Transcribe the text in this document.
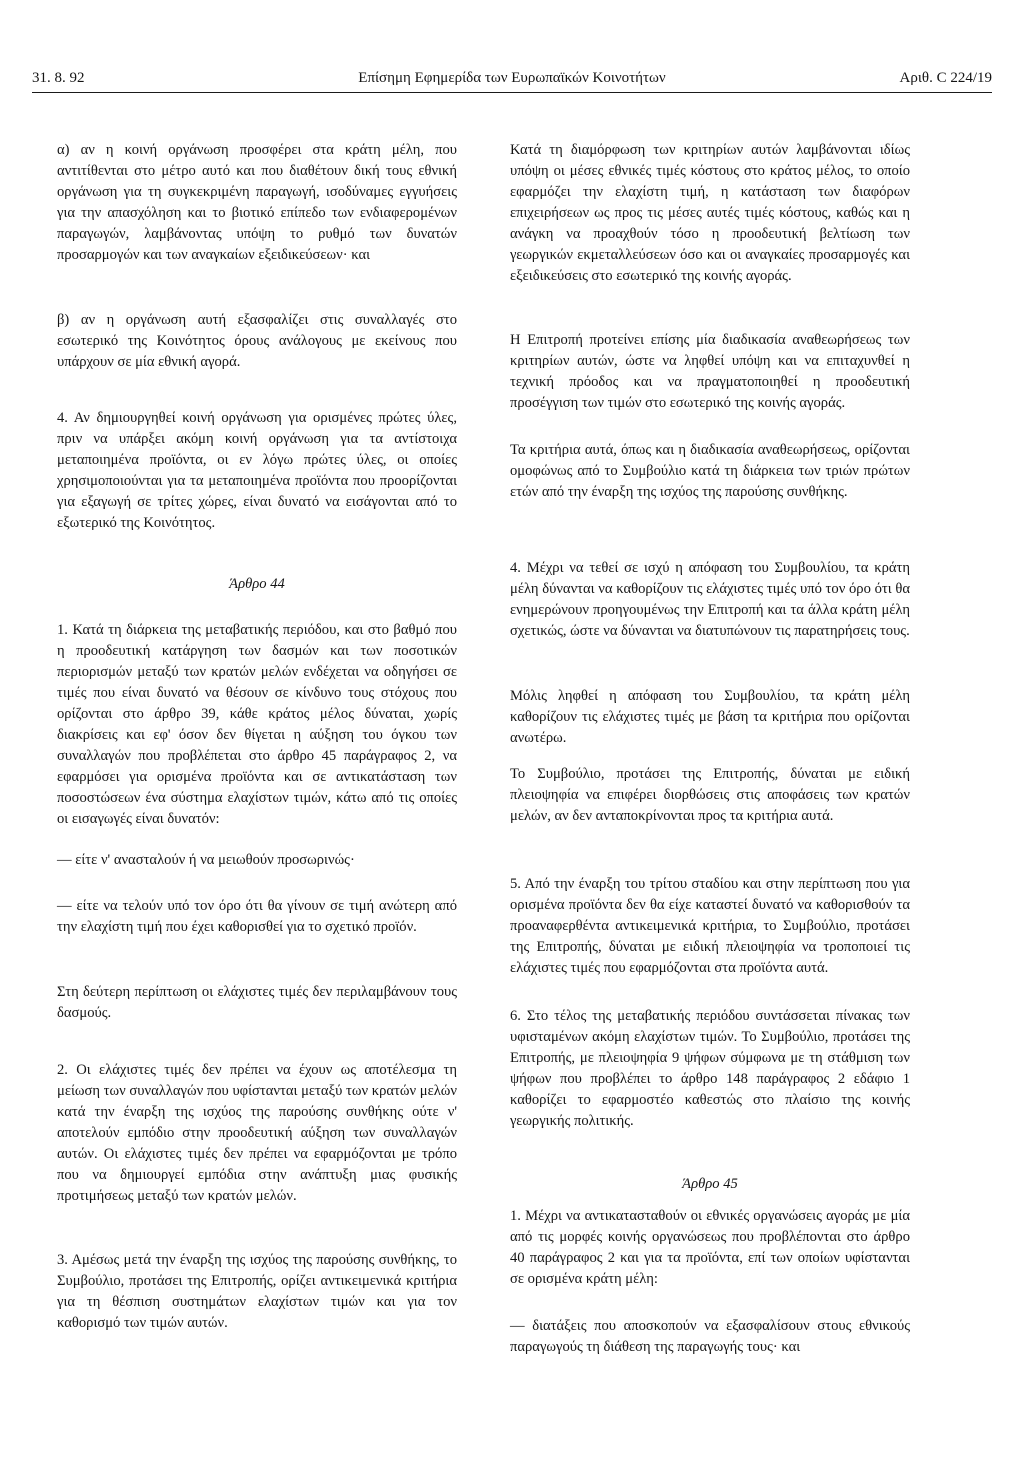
31. 8. 92	Επίσημη Εφημερίδα των Ευρωπαϊκών Κοινοτήτων	Αριθ. C 224/19

α) αν η κοινή οργάνωση προσφέρει στα κράτη μέλη, που αντιτίθενται στο μέτρο αυτό και που διαθέτουν δική τους εθνική οργάνωση για τη συγκεκριμένη παραγωγή, ισοδύναμες εγγυήσεις για την απασχόληση και το βιοτικό επίπεδο των ενδιαφερομένων παραγωγών, λαμβάνοντας υπόψη το ρυθμό των δυνατών προσαρμογών και των αναγκαίων εξειδικεύσεων· και

β) αν η οργάνωση αυτή εξασφαλίζει στις συναλλαγές στο εσωτερικό της Κοινότητος όρους ανάλογους με εκείνους που υπάρχουν σε μία εθνική αγορά.

4. Αν δημιουργηθεί κοινή οργάνωση για ορισμένες πρώτες ύλες, πριν να υπάρξει ακόμη κοινή οργάνωση για τα αντίστοιχα μεταποιημένα προϊόντα, οι εν λόγω πρώτες ύλες, οι οποίες χρησιμοποιούνται για τα μεταποιημένα προϊόντα που προορίζονται για εξαγωγή σε τρίτες χώρες, είναι δυνατό να εισάγονται από το εξωτερικό της Κοινότητος.

Άρθρο 44

1. Κατά τη διάρκεια της μεταβατικής περιόδου, και στο βαθμό που η προοδευτική κατάργηση των δασμών και των ποσοτικών περιορισμών μεταξύ των κρατών μελών ενδέχεται να οδηγήσει σε τιμές που είναι δυνατό να θέσουν σε κίνδυνο τους στόχους που ορίζονται στο άρθρο 39, κάθε κράτος μέλος δύναται, χωρίς διακρίσεις και εφ' όσον δεν θίγεται η αύξηση του όγκου των συναλλαγών που προβλέπεται στο άρθρο 45 παράγραφος 2, να εφαρμόσει για ορισμένα προϊόντα και σε αντικατάσταση των ποσοστώσεων ένα σύστημα ελαχίστων τιμών, κάτω από τις οποίες οι εισαγωγές είναι δυνατόν:

— είτε ν' ανασταλούν ή να μειωθούν προσωρινώς·

— είτε να τελούν υπό τον όρο ότι θα γίνουν σε τιμή ανώτερη από την ελαχίστη τιμή που έχει καθορισθεί για το σχετικό προϊόν.

Στη δεύτερη περίπτωση οι ελάχιστες τιμές δεν περιλαμβάνουν τους δασμούς.

2. Οι ελάχιστες τιμές δεν πρέπει να έχουν ως αποτέλεσμα τη μείωση των συναλλαγών που υφίστανται μεταξύ των κρατών μελών κατά την έναρξη της ισχύος της παρούσης συνθήκης ούτε ν' αποτελούν εμπόδιο στην προοδευτική αύξηση των συναλλαγών αυτών. Οι ελάχιστες τιμές δεν πρέπει να εφαρμόζονται με τρόπο που να δημιουργεί εμπόδια στην ανάπτυξη μιας φυσικής προτιμήσεως μεταξύ των κρατών μελών.

3. Αμέσως μετά την έναρξη της ισχύος της παρούσης συνθήκης, το Συμβούλιο, προτάσει της Επιτροπής, ορίζει αντικειμενικά κριτήρια για τη θέσπιση συστημάτων ελαχίστων τιμών και για τον καθορισμό των τιμών αυτών.

Κατά τη διαμόρφωση των κριτηρίων αυτών λαμβάνονται ιδίως υπόψη οι μέσες εθνικές τιμές κόστους στο κράτος μέλος, το οποίο εφαρμόζει την ελαχίστη τιμή, η κατάσταση των διαφόρων επιχειρήσεων ως προς τις μέσες αυτές τιμές κόστους, καθώς και η ανάγκη να προαχθούν τόσο η προοδευτική βελτίωση των γεωργικών εκμεταλλεύσεων όσο και οι αναγκαίες προσαρμογές και εξειδικεύσεις στο εσωτερικό της κοινής αγοράς.

Η Επιτροπή προτείνει επίσης μία διαδικασία αναθεωρήσεως των κριτηρίων αυτών, ώστε να ληφθεί υπόψη και να επιταχυνθεί η τεχνική πρόοδος και να πραγματοποιηθεί η προοδευτική προσέγγιση των τιμών στο εσωτερικό της κοινής αγοράς.

Τα κριτήρια αυτά, όπως και η διαδικασία αναθεωρήσεως, ορίζονται ομοφώνως από το Συμβούλιο κατά τη διάρκεια των τριών πρώτων ετών από την έναρξη της ισχύος της παρούσης συνθήκης.

4. Μέχρι να τεθεί σε ισχύ η απόφαση του Συμβουλίου, τα κράτη μέλη δύνανται να καθορίζουν τις ελάχιστες τιμές υπό τον όρο ότι θα ενημερώνουν προηγουμένως την Επιτροπή και τα άλλα κράτη μέλη σχετικώς, ώστε να δύνανται να διατυπώνουν τις παρατηρήσεις τους.

Μόλις ληφθεί η απόφαση του Συμβουλίου, τα κράτη μέλη καθορίζουν τις ελάχιστες τιμές με βάση τα κριτήρια που ορίζονται ανωτέρω.

Το Συμβούλιο, προτάσει της Επιτροπής, δύναται με ειδική πλειοψηφία να επιφέρει διορθώσεις στις αποφάσεις των κρατών μελών, αν δεν ανταποκρίνονται προς τα κριτήρια αυτά.

5. Από την έναρξη του τρίτου σταδίου και στην περίπτωση που για ορισμένα προϊόντα δεν θα είχε καταστεί δυνατό να καθορισθούν τα προαναφερθέντα αντικειμενικά κριτήρια, το Συμβούλιο, προτάσει της Επιτροπής, δύναται με ειδική πλειοψηφία να τροποποιεί τις ελάχιστες τιμές που εφαρμόζονται στα προϊόντα αυτά.

6. Στο τέλος της μεταβατικής περιόδου συντάσσεται πίνακας των υφισταμένων ακόμη ελαχίστων τιμών. Το Συμβούλιο, προτάσει της Επιτροπής, με πλειοψηφία 9 ψήφων σύμφωνα με τη στάθμιση των ψήφων που προβλέπει το άρθρο 148 παράγραφος 2 εδάφιο 1 καθορίζει το εφαρμοστέο καθεστώς στο πλαίσιο της κοινής γεωργικής πολιτικής.

Άρθρο 45

1. Μέχρι να αντικατασταθούν οι εθνικές οργανώσεις αγοράς με μία από τις μορφές κοινής οργανώσεως που προβλέπονται στο άρθρο 40 παράγραφος 2 και για τα προϊόντα, επί των οποίων υφίστανται σε ορισμένα κράτη μέλη:

— διατάξεις που αποσκοπούν να εξασφαλίσουν στους εθνικούς παραγωγούς τη διάθεση της παραγωγής τους· και
